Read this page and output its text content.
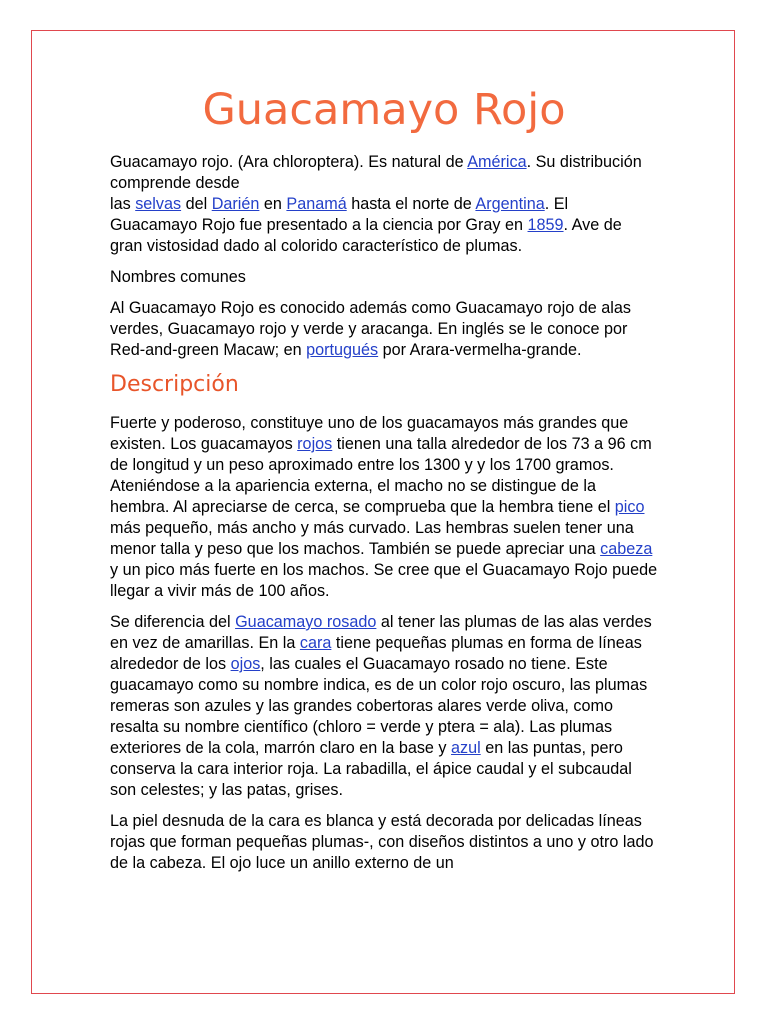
Guacamayo Rojo

Guacamayo rojo. (Ara chloroptera). Es natural de América. Su distribución comprende desde
las selvas del Darién en Panamá hasta el norte de Argentina. El Guacamayo Rojo fue presentado a la ciencia por Gray en 1859. Ave de gran vistosidad dado al colorido característico de plumas.

Nombres comunes

Al Guacamayo Rojo es conocido además como Guacamayo rojo de alas verdes, Guacamayo rojo y verde y aracanga. En inglés se le conoce por Red-and-green Macaw; en portugués por Arara-vermelha-grande.

Descripción

Fuerte y poderoso, constituye uno de los guacamayos más grandes que existen. Los guacamayos rojos tienen una talla alrededor de los 73 a 96 cm de longitud y un peso aproximado entre los 1300 y y los 1700 gramos. Ateniéndose a la apariencia externa, el macho no se distingue de la hembra. Al apreciarse de cerca, se comprueba que la hembra tiene el pico más pequeño, más ancho y más curvado. Las hembras suelen tener una menor talla y peso que los machos. También se puede apreciar una cabeza y un pico más fuerte en los machos. Se cree que el Guacamayo Rojo puede llegar a vivir más de 100 años.

Se diferencia del Guacamayo rosado al tener las plumas de las alas verdes en vez de amarillas. En la cara tiene pequeñas plumas en forma de líneas alrededor de los ojos, las cuales el Guacamayo rosado no tiene. Este guacamayo como su nombre indica, es de un color rojo oscuro, las plumas remeras son azules y las grandes cobertoras alares verde oliva, como resalta su nombre científico (chloro = verde y ptera = ala). Las plumas exteriores de la cola, marrón claro en la base y azul en las puntas, pero conserva la cara interior roja. La rabadilla, el ápice caudal y el subcaudal son celestes; y las patas, grises.

La piel desnuda de la cara es blanca y está decorada por delicadas líneas rojas que forman pequeñas plumas-, con diseños distintos a uno y otro lado de la cabeza. El ojo luce un anillo externo de un
